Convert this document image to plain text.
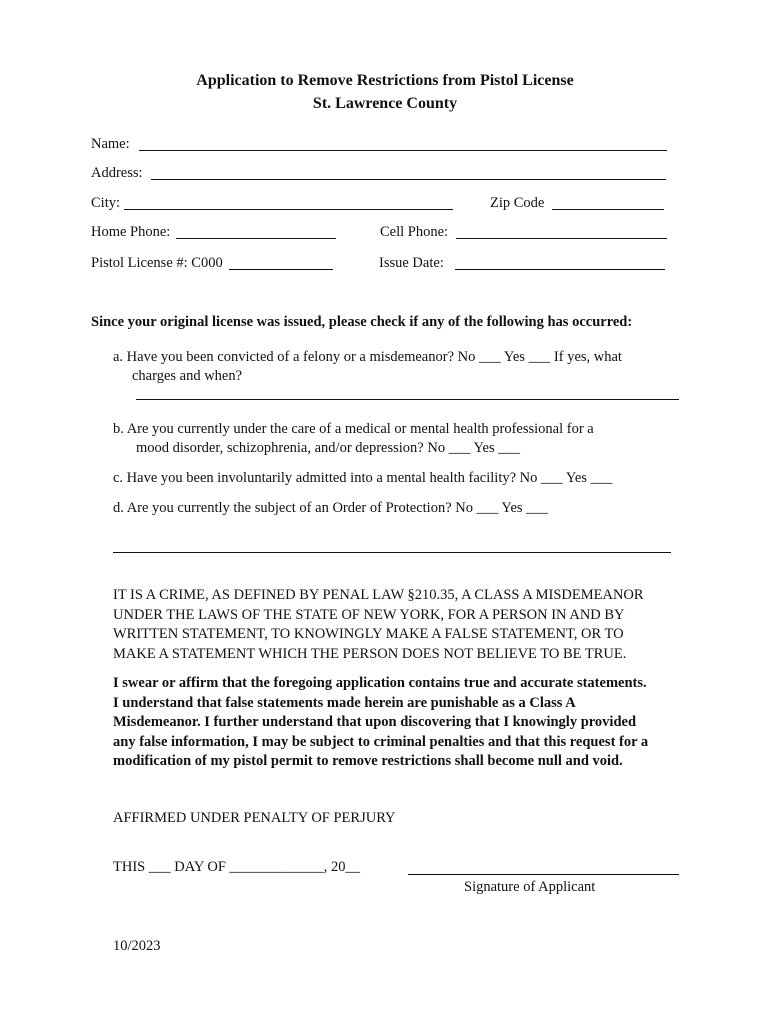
Application to Remove Restrictions from Pistol License
St. Lawrence County
Name:
Address:
City:	Zip Code
Home Phone:	Cell Phone:
Pistol License #: C000	Issue Date:
Since your original license was issued, please check if any of the following has occurred:
a. Have you been convicted of a felony or a misdemeanor? No ___ Yes ___ If yes, what
charges and when?
b. Are you currently under the care of a medical or mental health professional for a
mood disorder, schizophrenia, and/or depression? No ___ Yes ___
c. Have you been involuntarily admitted into a mental health facility? No ___ Yes ___
d. Are you currently the subject of an Order of Protection? No ___ Yes ___
IT IS A CRIME, AS DEFINED BY PENAL LAW §210.35, A CLASS A MISDEMEANOR
UNDER THE LAWS OF THE STATE OF NEW YORK, FOR A PERSON IN AND BY
WRITTEN STATEMENT, TO KNOWINGLY MAKE A FALSE STATEMENT, OR TO
MAKE A STATEMENT WHICH THE PERSON DOES NOT BELIEVE TO BE TRUE.
I swear or affirm that the foregoing application contains true and accurate statements.
I understand that false statements made herein are punishable as a Class A
Misdemeanor. I further understand that upon discovering that I knowingly provided
any false information, I may be subject to criminal penalties and that this request for a
modification of my pistol permit to remove restrictions shall become null and void.
AFFIRMED UNDER PENALTY OF PERJURY
THIS ___ DAY OF _____________, 20__
Signature of Applicant
10/2023
